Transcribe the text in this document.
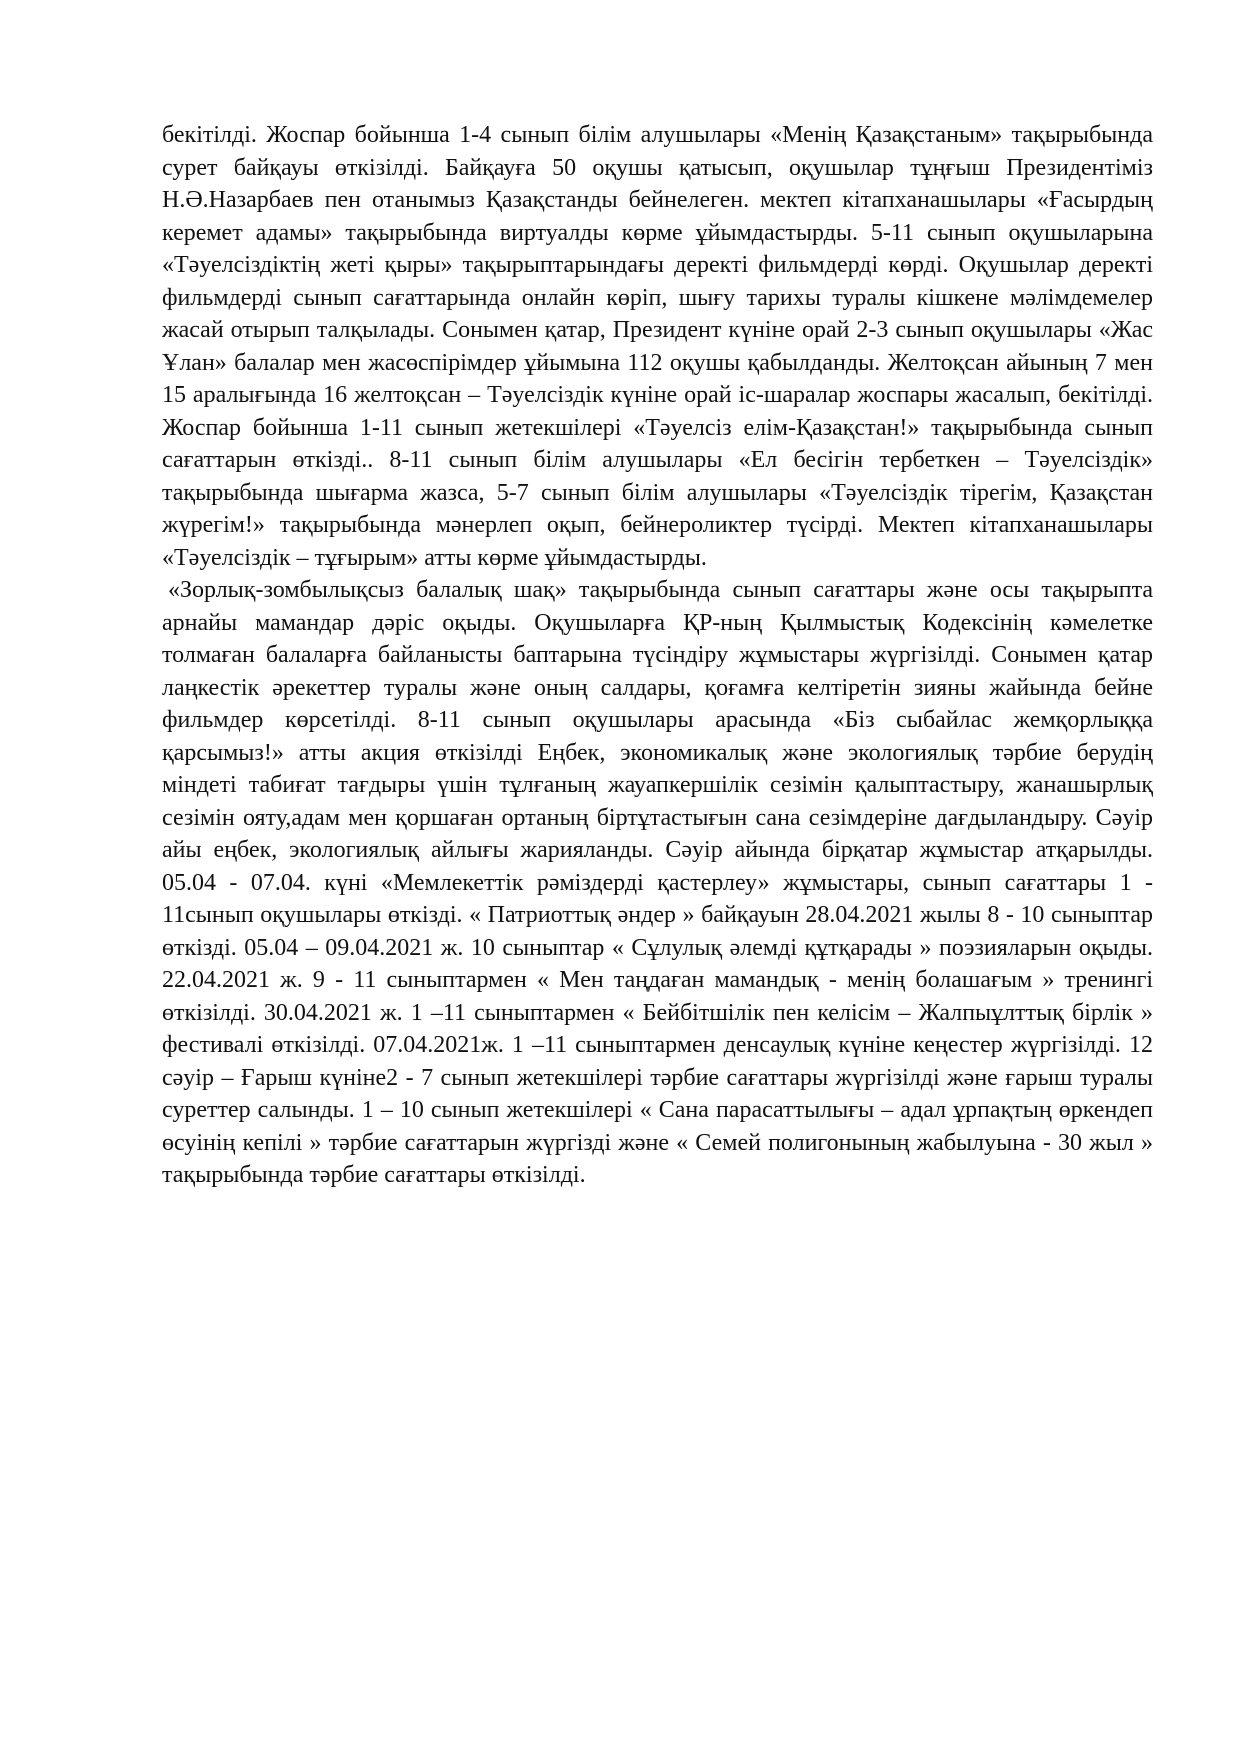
бекітілді. Жоспар бойынша 1-4 сынып білім алушылары «Менің Қазақстаным» тақырыбында сурет байқауы өткізілді. Байқауға 50 оқушы қатысып, оқушылар тұңғыш Президентіміз Н.Ә.Назарбаев пен отанымыз Қазақстанды бейнелеген. мектеп кітапханашылары «Ғасырдың керемет адамы» тақырыбында виртуалды көрме ұйымдастырды. 5-11 сынып оқушыларына «Тәуелсіздіктің жеті қыры» тақырыптарындағы деректі фильмдерді көрді. Оқушылар деректі фильмдерді сынып сағаттарында онлайн көріп, шығу тарихы туралы кішкене мәлімдемелер жасай отырып талқылады. Сонымен қатар, Президент күніне орай 2-3 сынып оқушылары «Жас Ұлан» балалар мен жасөспірімдер ұйымына 112 оқушы қабылданды. Желтоқсан айының 7 мен 15 аралығында 16 желтоқсан – Тәуелсіздік күніне орай іс-шаралар жоспары жасалып, бекітілді. Жоспар бойынша 1-11 сынып жетекшілері «Тәуелсіз елім-Қазақстан!» тақырыбында сынып сағаттарын өткізді.. 8-11 сынып білім алушылары «Ел бесігін тербеткен – Тәуелсіздік» тақырыбында шығарма жазса, 5-7 сынып білім алушылары «Тәуелсіздік тірегім, Қазақстан жүрегім!» тақырыбында мәнерлеп оқып, бейнероликтер түсірді. Мектеп кітапханашылары «Тәуелсіздік – тұғырым» атты көрме ұйымдастырды.

«Зорлық-зомбылықсыз балалық шақ» тақырыбында сынып сағаттары және осы тақырыпта арнайы мамандар дәріс оқыды. Оқушыларға ҚР-ның Қылмыстық Кодексінің кәмелетке толмаған балаларға байланысты баптарына түсіндіру жұмыстары жүргізілді. Сонымен қатар лаңкестік әрекеттер туралы және оның салдары, қоғамға келтіретін зияны жайында бейне фильмдер көрсетілді. 8-11 сынып оқушылары арасында «Біз сыбайлас жемқорлыққа қарсымыз!» атты акция өткізілді Еңбек, экономикалық және экологиялық тәрбие берудің міндеті табиғат тағдыры үшін тұлғаның жауапкершілік сезімін қалыптастыру, жанашырлық сезімін ояту,адам мен қоршаған ортаның біртұтастығын сана сезімдеріне дағдыландыру. Сәуір айы еңбек, экологиялық айлығы жарияланды. Сәуір айында бірқатар жұмыстар атқарылды. 05.04 - 07.04. күні «Мемлекеттік рәміздерді қастерлеу» жұмыстары, сынып сағаттары 1 - 11сынып оқушылары өткізді. « Патриоттық әндер » байқауын 28.04.2021 жылы 8 - 10 сыныптар өткізді. 05.04 – 09.04.2021 ж. 10 сыныптар « Сұлулық әлемді құтқарады » поэзияларын оқыды. 22.04.2021 ж. 9 - 11 сыныптармен « Мен таңдаған мамандық - менің болашағым » тренингі өткізілді. 30.04.2021 ж. 1 –11 сыныптармен « Бейбітшілік пен келісім – Жалпыұлттық бірлік » фестивалі өткізілді. 07.04.2021ж. 1 –11 сыныптармен денсаулық күніне кеңестер жүргізілді. 12 сәуір – Ғарыш күніне2 - 7 сынып жетекшілері тәрбие сағаттары жүргізілді және ғарыш туралы суреттер салынды. 1 – 10 сынып жетекшілері « Сана парасаттылығы – адал ұрпақтың өркендеп өсуінің кепілі » тәрбие сағаттарын жүргізді және « Семей полигонының жабылуына - 30 жыл » тақырыбында тәрбие сағаттары өткізілді.
